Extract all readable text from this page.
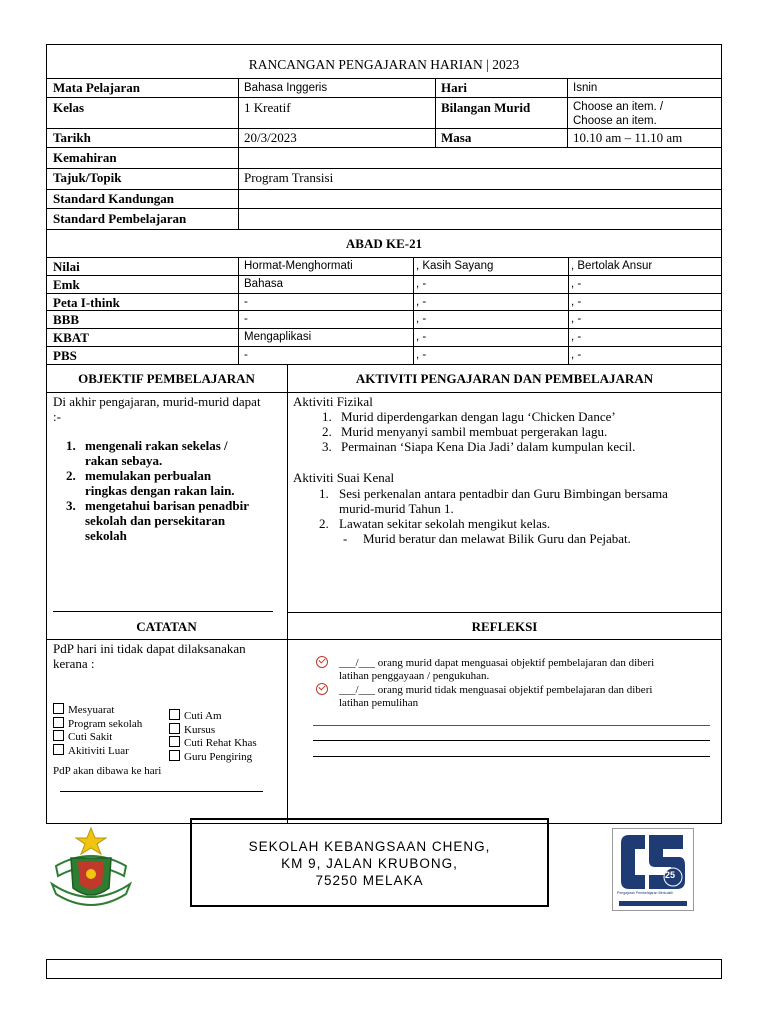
RANCANGAN PENGAJARAN HARIAN | 2023
Mata Pelajaran	Bahasa Inggeris	Hari	Isnin
Kelas	1 Kreatif	Bilangan Murid	Choose an item. /
Choose an item.
Tarikh	20/3/2023	Masa	10.10 am – 11.10 am
Kemahiran
Tajuk/Topik	Program Transisi
Standard Kandungan
Standard Pembelajaran
ABAD KE-21
Nilai	Hormat-Menghormati	, Kasih Sayang	, Bertolak Ansur
Emk	Bahasa	, -	, -
Peta I-think	-	, -	, -
BBB	-	, -	, -
KBAT	Mengaplikasi	, -	, -
PBS	-	, -	, -
OBJEKTIF PEMBELAJARAN	AKTIVITI PENGAJARAN DAN PEMBELAJARAN
Di akhir pengajaran, murid-murid dapat
:-
1. mengenali rakan sekelas /
rakan sebaya.
2. memulakan perbualan
ringkas dengan rakan lain.
3. mengetahui barisan penadbir
sekolah dan persekitaran
sekolah
Aktiviti Fizikal
1. Murid diperdengarkan dengan lagu ‘Chicken Dance’
2. Murid menyanyi sambil membuat pergerakan lagu.
3. Permainan ‘Siapa Kena Dia Jadi’ dalam kumpulan kecil.
Aktiviti Suai Kenal
1. Sesi perkenalan antara pentadbir dan Guru Bimbingan bersama
murid-murid Tahun 1.
2. Lawatan sekitar sekolah mengikut kelas.
- Murid beratur dan melawat Bilik Guru dan Pejabat.
CATATAN	REFLEKSI
PdP hari ini tidak dapat dilaksanakan
kerana :
Mesyuarat
Program sekolah
Cuti Sakit
Akitiviti Luar
Cuti Am
Kursus
Cuti Rehat Khas
Guru Pengiring
PdP akan dibawa ke hari
___/___ orang murid dapat menguasai objektif pembelajaran dan diberi
latihan penggayaan / pengukuhan.
___/___ orang murid tidak menguasai objektif pembelajaran dan diberi
latihan pemulihan
SEKOLAH KEBANGSAAN CHENG,
KM 9, JALAN KRUBONG,
75250 MELAKA	25
Pengajaran Pembelajaran Berkualiti
